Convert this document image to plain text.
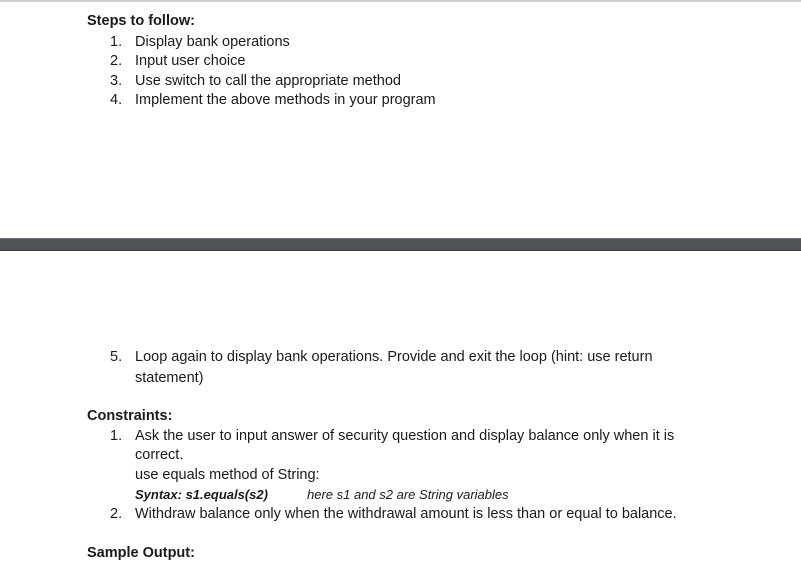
Steps to follow:
1. Display bank operations
2. Input user choice
3. Use switch to call the appropriate method
4. Implement the above methods in your program
5. Loop again to display bank operations. Provide and exit the loop (hint: use return
statement)
Constraints:
1. Ask the user to input answer of security question and display balance only when it is
correct.
use equals method of String:
Syntax: s1.equals(s2)	here s1 and s2 are String variables
2. Withdraw balance only when the withdrawal amount is less than or equal to balance.
Sample Output:
